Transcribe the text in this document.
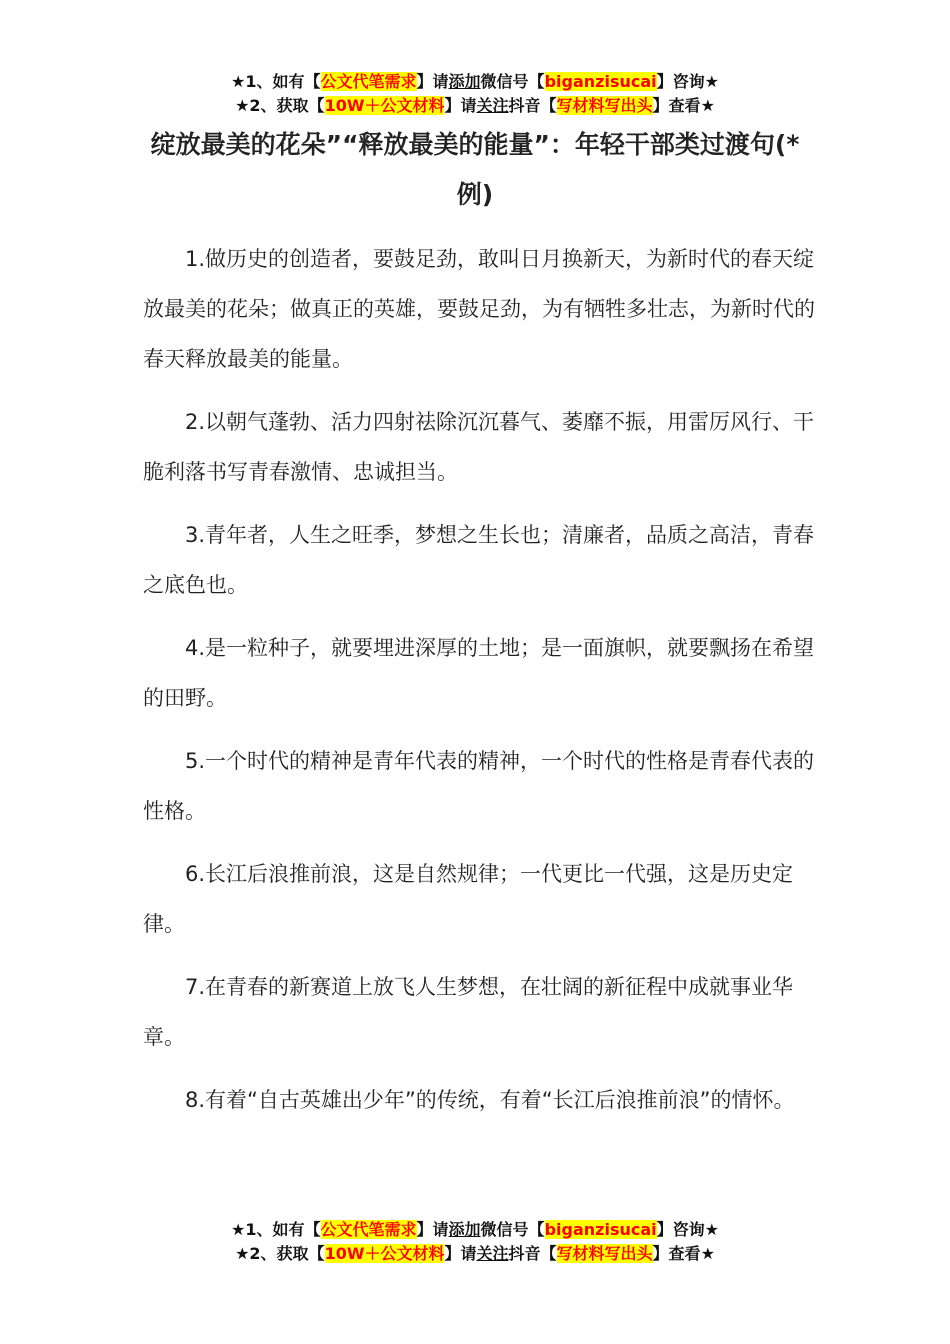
★1、如有【公文代笔需求】请添加微信号【biganzisucai】咨询★
★2、获取【10W＋公文材料】请关注抖音【写材料写出头】查看★
绽放最美的花朵”“释放最美的能量”：年轻干部类过渡句(*例)

1.做历史的创造者，要鼓足劲，敢叫日月换新天，为新时代的春天绽放最美的花朵；做真正的英雄，要鼓足劲，为有牺牲多壮志，为新时代的春天释放最美的能量。

2.以朝气蓬勃、活力四射祛除沉沉暮气、萎靡不振，用雷厉风行、干脆利落书写青春激情、忠诚担当。

3.青年者，人生之旺季，梦想之生长也；清廉者，品质之高洁，青春之底色也。

4.是一粒种子，就要埋进深厚的土地；是一面旗帜，就要飘扬在希望的田野。

5.一个时代的精神是青年代表的精神，一个时代的性格是青春代表的性格。

6.长江后浪推前浪，这是自然规律；一代更比一代强，这是历史定律。

7.在青春的新赛道上放飞人生梦想，在壮阔的新征程中成就事业华章。

8.有着“自古英雄出少年”的传统，有着“长江后浪推前浪”的情怀。

★1、如有【公文代笔需求】请添加微信号【biganzisucai】咨询★
★2、获取【10W＋公文材料】请关注抖音【写材料写出头】查看★
